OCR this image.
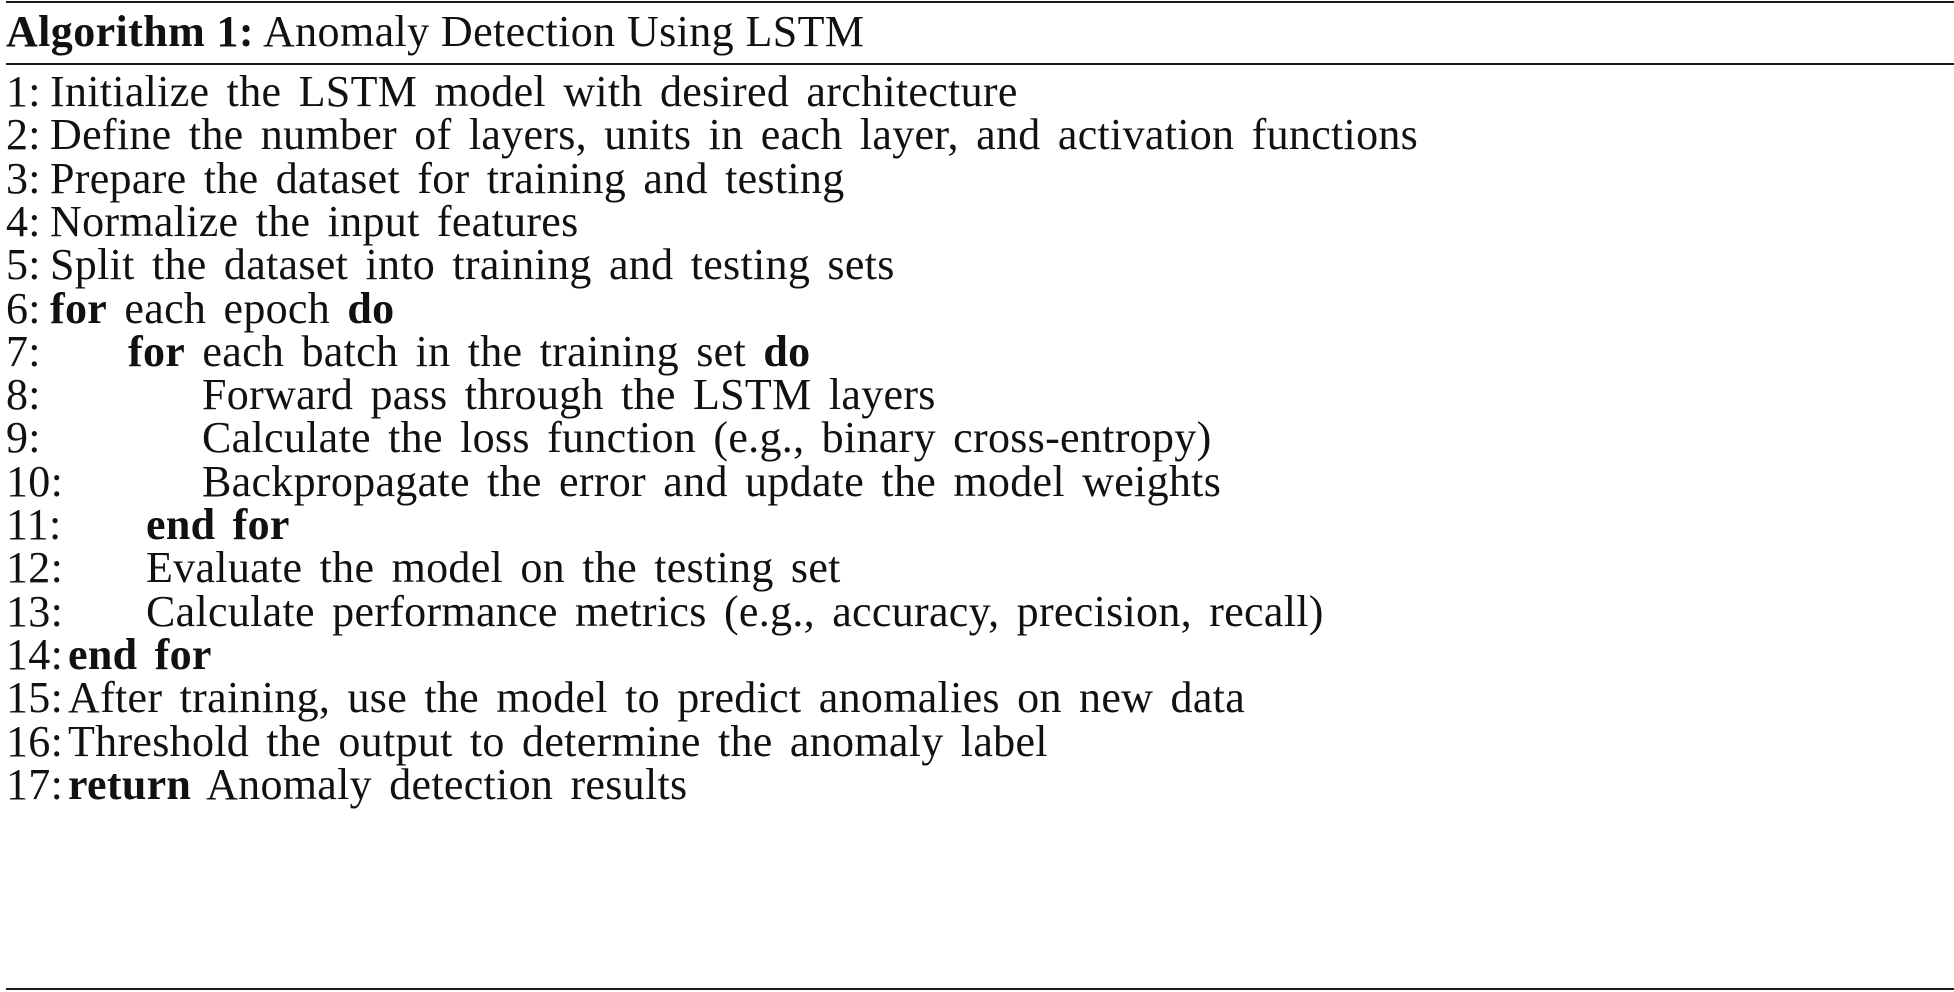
Algorithm 1: Anomaly Detection Using LSTM
1: Initialize the LSTM model with desired architecture
2: Define the number of layers, units in each layer, and activation functions
3: Prepare the dataset for training and testing
4: Normalize the input features
5: Split the dataset into training and testing sets
6: for each epoch do
7: for each batch in the training set do
8:	Forward pass through the LSTM layers
9:	Calculate the loss function (e.g., binary cross-entropy)
10:	Backpropagate the error and update the model weights
11: end for
12: Evaluate the model on the testing set
13: Calculate performance metrics (e.g., accuracy, precision, recall)
14: end for
15: After training, use the model to predict anomalies on new data
16: Threshold the output to determine the anomaly label
17: return Anomaly detection results
